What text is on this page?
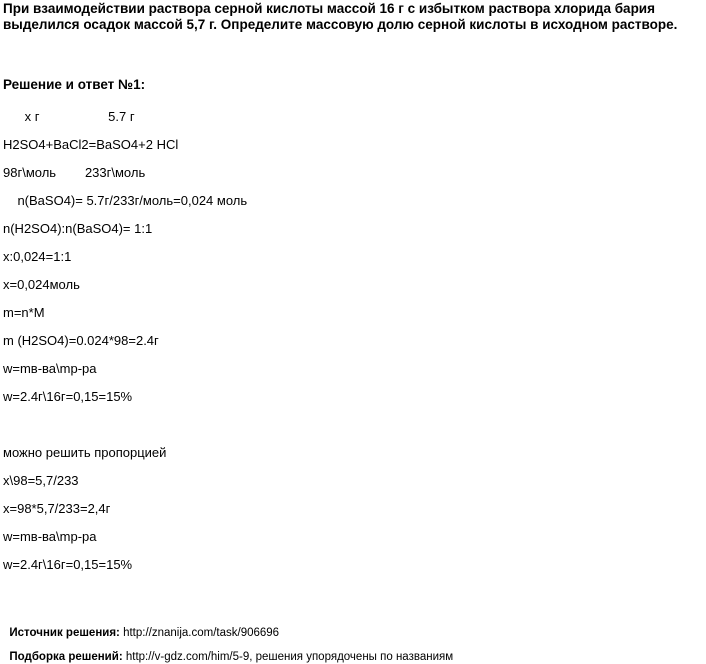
При взаимодействии раствора серной кислоты массой 16 г с избытком раствора хлорида бария выделился осадок массой 5,7 г. Определите массовую долю серной кислоты в исходном растворе.

Решение и ответ №1:

x г                   5.7 г
H2SO4+BaCl2=BaSO4+2 HCl
98г\моль        233г\моль
n(BaSO4)= 5.7г/233г/моль=0,024 моль
n(H2SO4):n(BaSO4)= 1:1
x:0,024=1:1
x=0,024моль
m=n*M
m (H2SO4)=0.024*98=2.4г
w=mв-ва\mр-ра
w=2.4г\16г=0,15=15%
можно решить пропорцией
x\98=5,7/233
x=98*5,7/233=2,4г
w=mв-ва\mр-ра
w=2.4г\16г=0,15=15%

Источник решения: http://znanija.com/task/906696

Подборка решений: http://v-gdz.com/him/5-9, решения упорядочены по названиям
